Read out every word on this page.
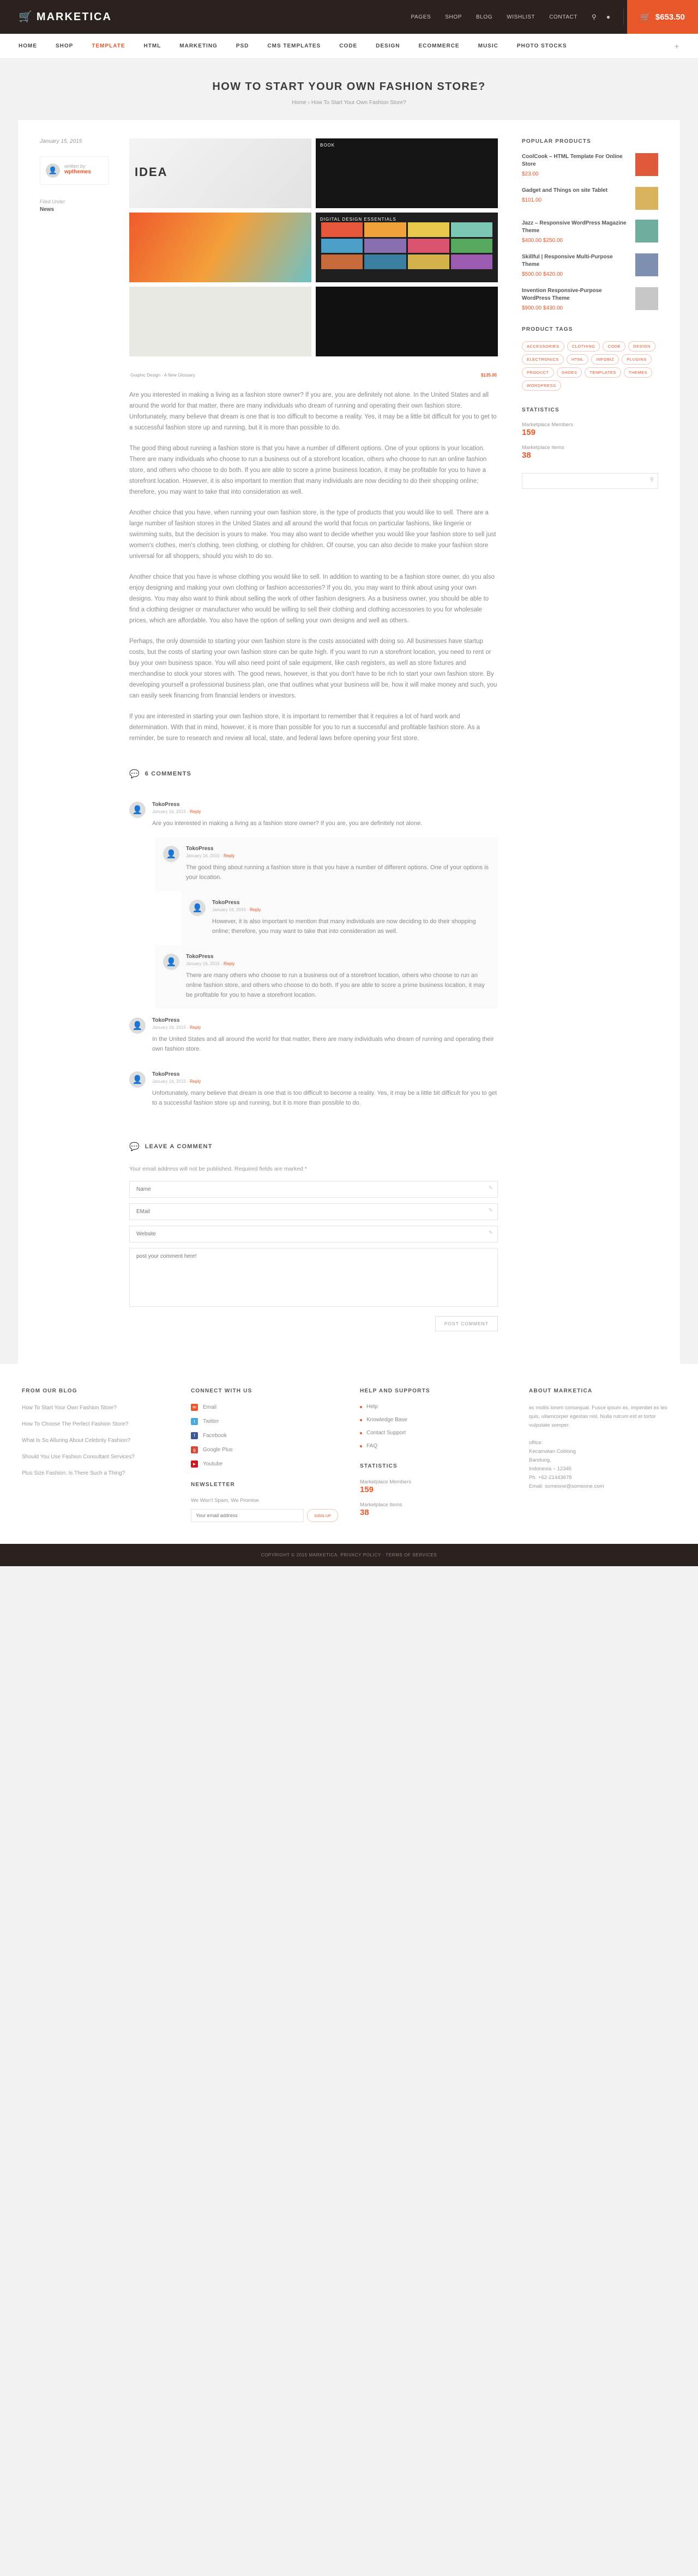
🛒 MARKETICA	PAGES	SHOP	BLOG	WISHLIST	CONTACT ⚲ ●	🛒 $653.50
HOME	SHOP	TEMPLATE	HTML	MARKETING	PSD	CMS TEMPLATES	CODE	DESIGN	ECOMMERCE	MUSIC	PHOTO STOCKS	+
HOW TO START YOUR OWN FASHION STORE?
Home › How To Start Your Own Fashion Store?
January 15, 2015
👤	written by
wpthemes
Filed Under
News
IDEA
BOOK
DIGITAL DESIGN ESSENTIALS
Graphic Design - A New Glossary	$135.00

Are you interested in making a living as a fashion store owner? If you are, you are definitely not alone. In the United States and all around the world for that matter, there are many individuals who dream of running and operating their own fashion store. Unfortunately, many believe that dream is one that is too difficult to become a reality. Yes, it may be a little bit difficult for you to get to a successful fashion store up and running, but it is more than possible to do.

The good thing about running a fashion store is that you have a number of different options. One of your options is your location. There are many individuals who choose to run a business out of a storefront location, others who choose to run an online fashion store, and others who choose to do both. If you are able to score a prime business location, it may be profitable for you to have a storefront location. However, it is also important to mention that many individuals are now deciding to do their shopping online; therefore, you may want to take that into consideration as well.

Another choice that you have, when running your own fashion store, is the type of products that you would like to sell. There are a large number of fashion stores in the United States and all around the world that focus on particular fashions, like lingerie or swimming suits, but the decision is yours to make. You may also want to decide whether you would like your fashion store to sell just women's clothes, men's clothing, teen clothing, or clothing for children. Of course, you can also decide to make your fashion store universal for all shoppers, should you wish to do so.

Another choice that you have is whose clothing you would like to sell. In addition to wanting to be a fashion store owner, do you also enjoy designing and making your own clothing or fashion accessories? If you do, you may want to think about using your own designs. You may also want to think about selling the work of other fashion designers. As a business owner, you should be able to find a clothing designer or manufacturer who would be willing to sell their clothing and clothing accessories to you for wholesale prices, which are affordable. You also have the option of selling your own designs and well as others.

Perhaps, the only downside to starting your own fashion store is the costs associated with doing so. All businesses have startup costs, but the costs of starting your own fashion store can be quite high. If you want to run a storefront location, you need to rent or buy your own business space. You will also need point of sale equipment, like cash registers, as well as store fixtures and merchandise to stock your stores with. The good news, however, is that you don't have to be rich to start your own fashion store. By developing yourself a professional business plan, one that outlines what your business will be, how it will make money and such, you can easily seek financing from financial lenders or investors.

If you are interested in starting your own fashion store, it is important to remember that it requires a lot of hard work and determination. With that in mind, however, it is more than possible for you to run a successful and profitable fashion store. As a reminder, be sure to research and review all local, state, and federal laws before opening your first store.

💬 6 COMMENTS
👤
TokoPress
January 16, 2015 · Reply
Are you interested in making a living as a fashion store owner? If you are, you are definitely not alone.
👤
TokoPress
January 16, 2015 · Reply
The good thing about running a fashion store is that you have a number of different options. One of your options is your location.
👤
TokoPress
January 16, 2015 · Reply
However, it is also important to mention that many individuals are now deciding to do their shopping online; therefore, you may want to take that into consideration as well.
👤
TokoPress
January 16, 2015 · Reply
There are many others who choose to run a business out of a storefront location, others who choose to run an online fashion store, and others who choose to do both. If you are able to score a prime business location, it may be profitable for you to have a storefront location.
👤
TokoPress
January 16, 2015 · Reply
In the United States and all around the world for that matter, there are many individuals who dream of running and operating their own fashion store.
👤
TokoPress
January 16, 2015 · Reply
Unfortunately, many believe that dream is one that is too difficult to become a reality. Yes, it may be a little bit difficult for you to get to a successful fashion store up and running, but it is more than possible to do.
💬 LEAVE A COMMENT
Your email address will not be published. Required fields are marked *
Name
✎
EMail
✎
Website
✎
post your comment here!
POST COMMENT
POPULAR PRODUCTS
CoolCook – HTML Template For Online Store
$23.00
Gadget and Things on site Tablet
$101.00
Jazz – Responsive WordPress Magazine Theme
$400.00 $250.00
Skillful | Responsive Multi-Purpose Theme
$500.00 $420.00
Invention Responsive-Purpose WordPress Theme
$900.00 $430.00
PRODUCT TAGS
ACCESSORIES	CLOTHING	CODE	DESIGN
ELECTRONICS	HTML	INFOBIZ	PLUGINS
PRODUCT	SHOES	TEMPLATES	THEMES
WORDPRESS
STATISTICS
Marketplace Members
159
Marketplace Items
38
⚲
FROM OUR BLOG
How To Start Your Own Fashion Store?
How To Choose The Perfect Fashion Store?
What Is So Alluring About Celebrity Fashion?
Should You Use Fashion Consultant Services?
Plus Size Fashion: Is There Such a Thing?
CONNECT WITH US
✉	Email
t	Twitter
f	Facebook
g	Google Plus
► Youtube
NEWSLETTER
We Won't Spam, We Promise
Your email address
SIGN UP
HELP AND SUPPORTS
Help
Knowledge Base
Contact Support
FAQ
STATISTICS
Marketplace Members
159
Marketplace Items
38
ABOUT MARKETICA
ec mollis lorem consequat. Fusce ipsum ex, imperdiet ex leo quis, ullamcorper egestas nisl. Nulla rutrum est et tortor vulputate semper.
office:
Kecamatan Coblong
Bandung,
Indonesia – 12345
Ph. +62-21443678
Email: someone@someone.com
COPYRIGHT © 2015 MARKETICA. PRIVACY POLICY · TERMS OF SERVICES
